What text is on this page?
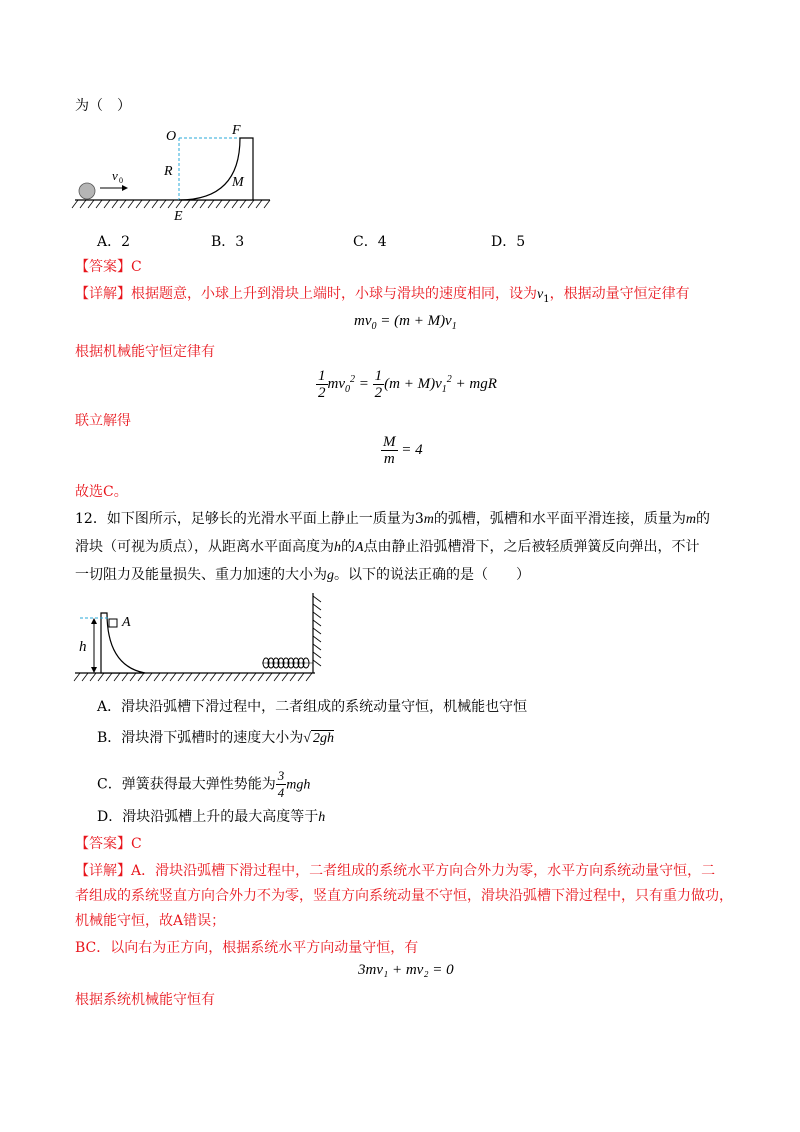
为（　）
v 0
O	F
R
M
E
A．2	B．3	C．4	D．5
【答案】C
【详解】根据题意，小球上升到滑块上端时，小球与滑块的速度相同，设为$v_1$，根据动量守恒定律有
$mv_0 = (m + M)v_1$
根据机械能守恒定律有
$\frac{1}{2} mv_0^2 = \frac{1}{2} (m + M)v_1^2$ + mgR
联立解得
$\frac{M}{m} = 4$
故选C。
12．如下图所示，足够长的光滑水平面上静止一质量为3m的弧槽，弧槽和水平面平滑连接，质量为m的
滑块（可视为质点），从距离水平面高度为h的A点由静止沿弧槽滑下，之后被轻质弹簧反向弹出，不计
一切阻力及能量损失、重力加速的大小为g。以下的说法正确的是（　　）
A
h
A．滑块沿弧槽下滑过程中，二者组成的系统动量守恒，机械能也守恒
B．滑块滑下弧槽时的速度大小为√ 2gh
C．弹簧获得最大弹性势能为 $\frac{3}{4}$ mgh
D．滑块沿弧槽上升的最大高度等于h
【答案】C
【详解】A．滑块沿弧槽下滑过程中，二者组成的系统水平方向合外力为零，水平方向系统动量守恒，二
者组成的系统竖直方向合外力不为零，竖直方向系统动量不守恒，滑块沿弧槽下滑过程中，只有重力做功，
机械能守恒，故A错误；
BC．以向右为正方向，根据系统水平方向动量守恒，有
3mv₁ + mv₂ = 0
根据系统机械能守恒有
